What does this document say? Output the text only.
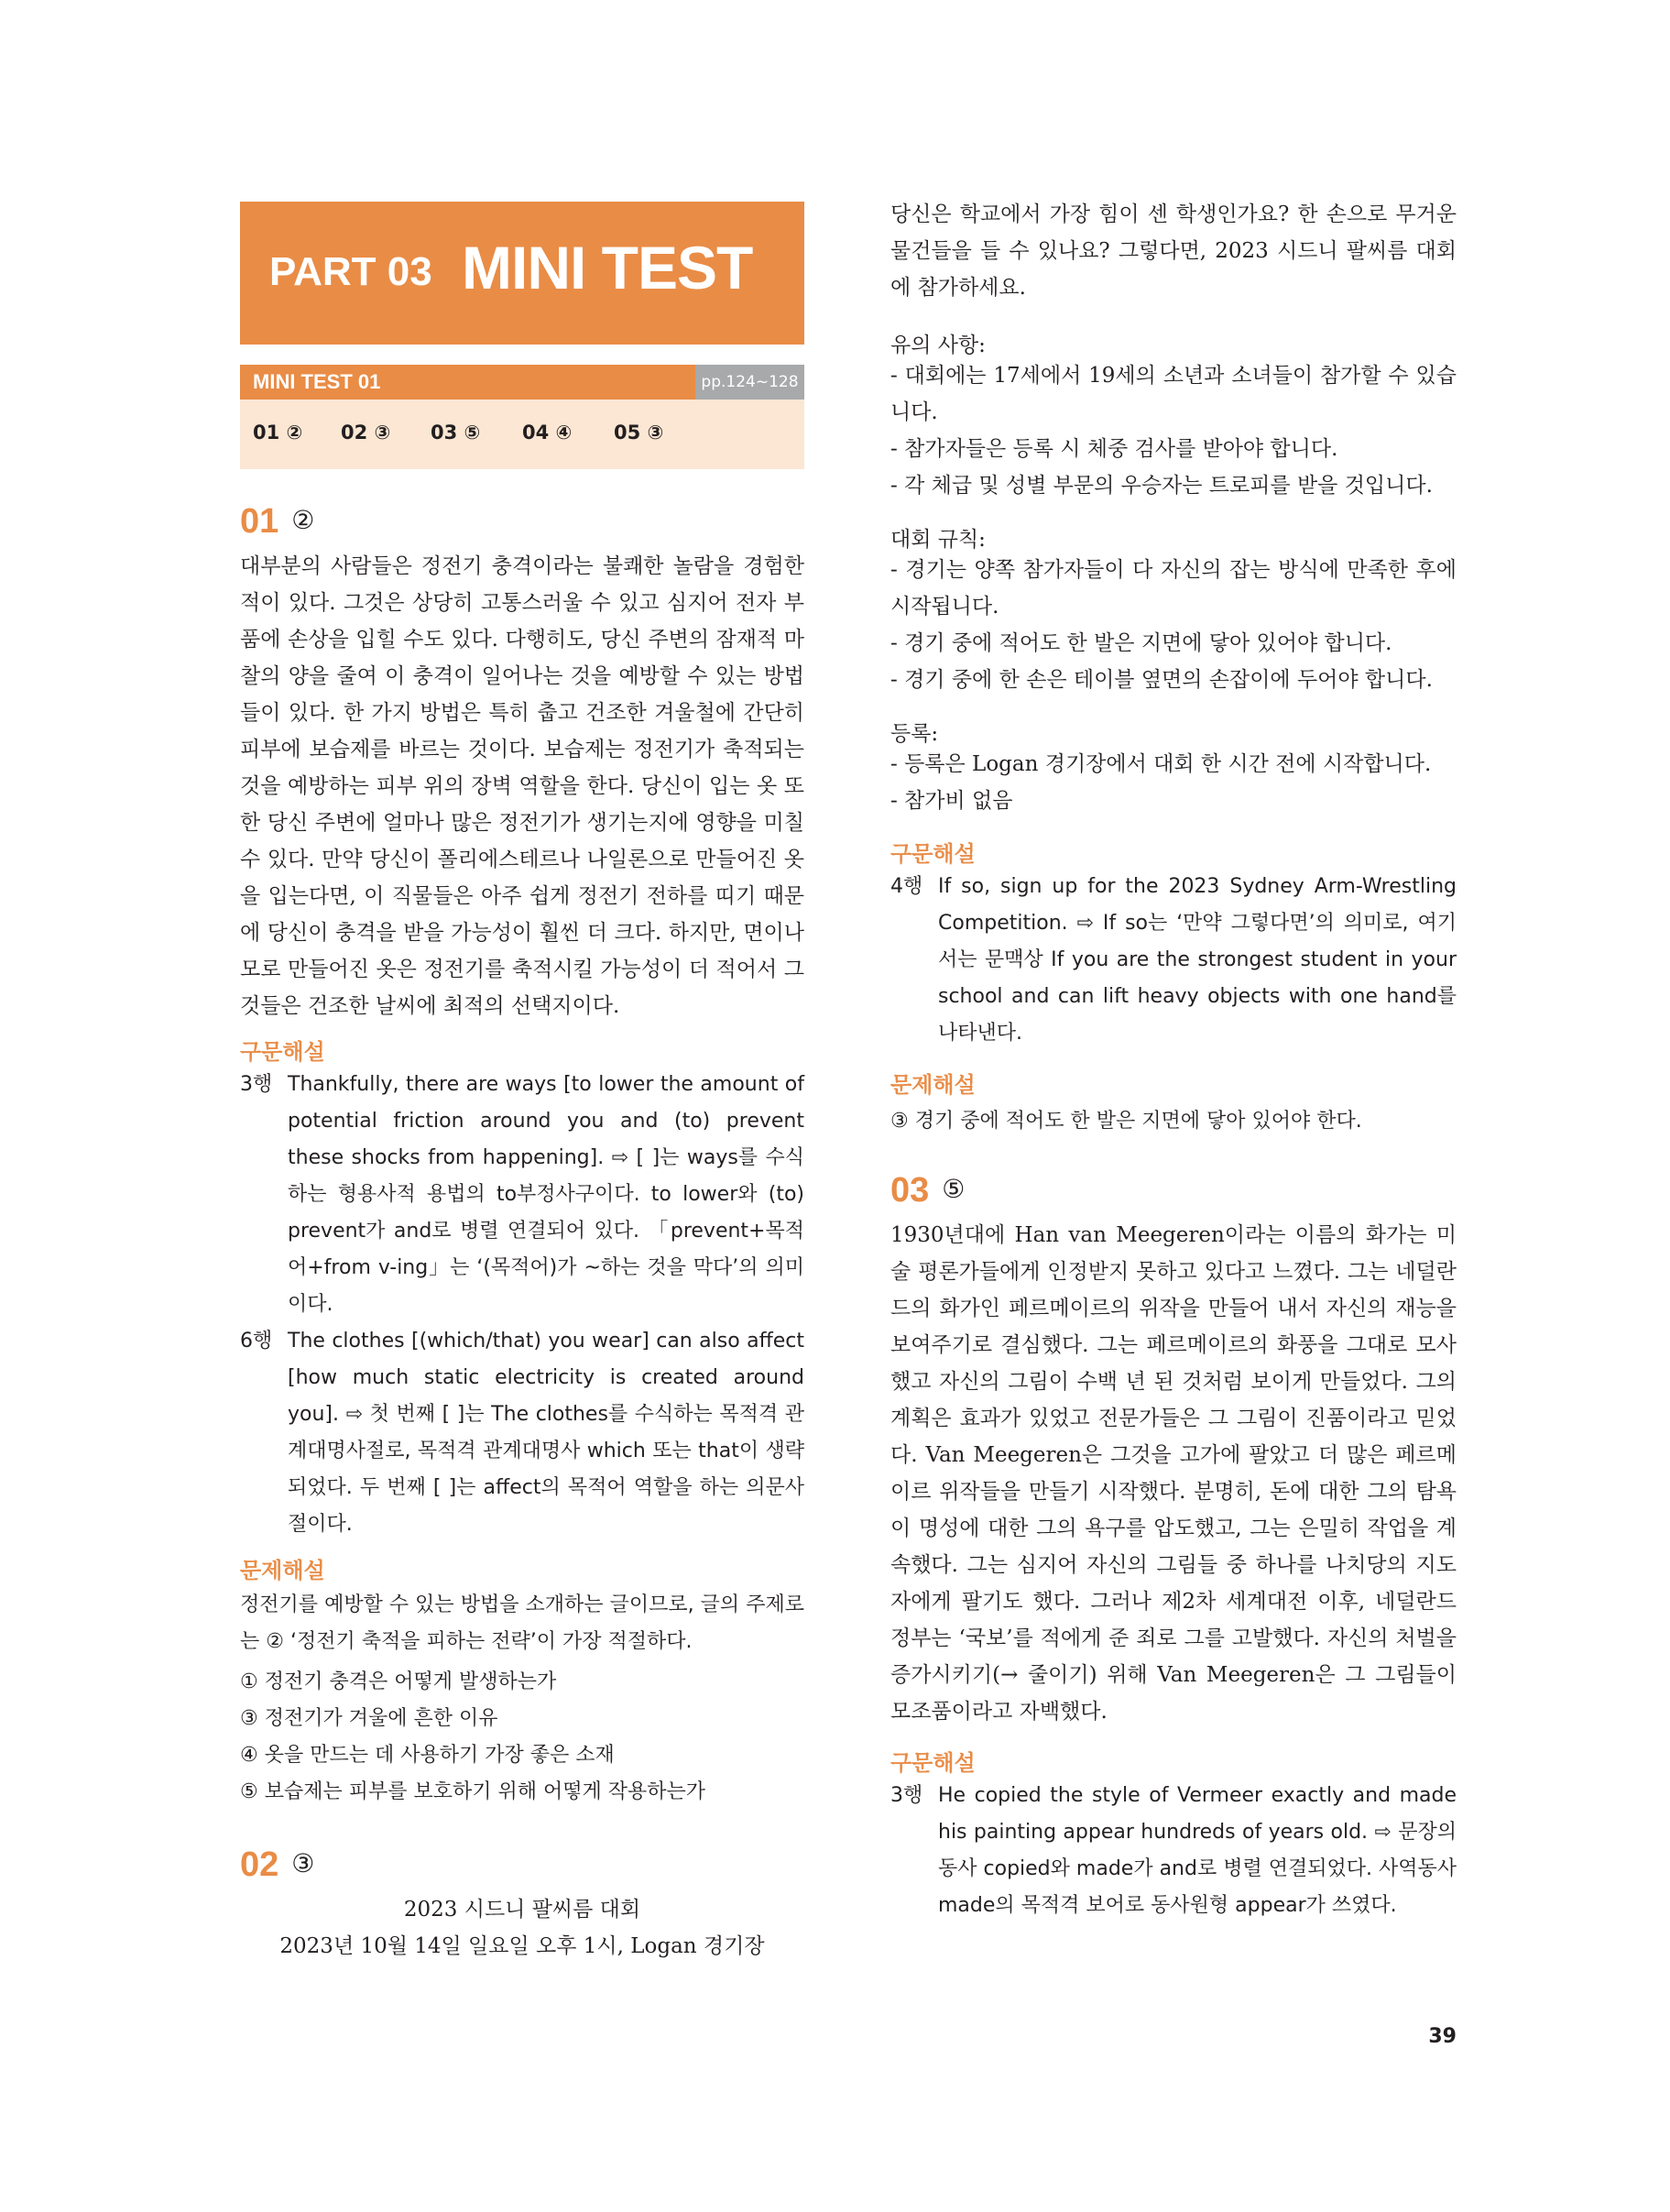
PART 03 MINI TEST
MINI TEST 01	pp.124~128
01 ② 02 ③ 03 ⑤ 04 ④ 05 ③
01 ②
대부분의 사람들은 정전기 충격이라는 불쾌한 놀람을 경험한 적이 있다. 그것은 상당히 고통스러울 수 있고 심지어 전자 부품에 손상을 입힐 수도 있다. 다행히도, 당신 주변의 잠재적 마찰의 양을 줄여 이 충격이 일어나는 것을 예방할 수 있는 방법들이 있다. 한 가지 방법은 특히 춥고 건조한 겨울철에 간단히 피부에 보습제를 바르는 것이다. 보습제는 정전기가 축적되는 것을 예방하는 피부 위의 장벽 역할을 한다. 당신이 입는 옷 또한 당신 주변에 얼마나 많은 정전기가 생기는지에 영향을 미칠 수 있다. 만약 당신이 폴리에스테르나 나일론으로 만들어진 옷을 입는다면, 이 직물들은 아주 쉽게 정전기 전하를 띠기 때문에 당신이 충격을 받을 가능성이 훨씬 더 크다. 하지만, 면이나 모로 만들어진 옷은 정전기를 축적시킬 가능성이 더 적어서 그것들은 건조한 날씨에 최적의 선택지이다.
구문해설
3행 Thankfully, there are ways [to lower the amount of potential friction around you and (to) prevent these shocks from happening]. ⇨ [ ]는 ways를 수식하는 형용사적 용법의 to부정사구이다. to lower와 (to) prevent가 and로 병렬 연결되어 있다. 「prevent+목적어+from v-ing」는 ‘(목적어)가 ~하는 것을 막다’의 의미이다.
6행 The clothes [(which/that) you wear] can also affect [how much static electricity is created around you]. ⇨ 첫 번째 [ ]는 The clothes를 수식하는 목적격 관계대명사절로, 목적격 관계대명사 which 또는 that이 생략되었다. 두 번째 [ ]는 affect의 목적어 역할을 하는 의문사절이다.
문제해설
정전기를 예방할 수 있는 방법을 소개하는 글이므로, 글의 주제로는 ② ‘정전기 축적을 피하는 전략’이 가장 적절하다.
① 정전기 충격은 어떻게 발생하는가
③ 정전기가 겨울에 흔한 이유
④ 옷을 만드는 데 사용하기 가장 좋은 소재
⑤ 보습제는 피부를 보호하기 위해 어떻게 작용하는가
02 ③
2023 시드니 팔씨름 대회
2023년 10월 14일 일요일 오후 1시, Logan 경기장
당신은 학교에서 가장 힘이 센 학생인가요? 한 손으로 무거운 물건들을 들 수 있나요? 그렇다면, 2023 시드니 팔씨름 대회에 참가하세요.
유의 사항:
- 대회에는 17세에서 19세의 소년과 소녀들이 참가할 수 있습니다.
- 참가자들은 등록 시 체중 검사를 받아야 합니다.
- 각 체급 및 성별 부문의 우승자는 트로피를 받을 것입니다.
대회 규칙:
- 경기는 양쪽 참가자들이 다 자신의 잡는 방식에 만족한 후에 시작됩니다.
- 경기 중에 적어도 한 발은 지면에 닿아 있어야 합니다.
- 경기 중에 한 손은 테이블 옆면의 손잡이에 두어야 합니다.
등록:
- 등록은 Logan 경기장에서 대회 한 시간 전에 시작합니다.
- 참가비 없음
구문해설
4행 If so, sign up for the 2023 Sydney Arm-Wrestling Competition. ⇨ If so는 ‘만약 그렇다면’의 의미로, 여기서는 문맥상 If you are the strongest student in your school and can lift heavy objects with one hand를 나타낸다.
문제해설
③ 경기 중에 적어도 한 발은 지면에 닿아 있어야 한다.
03 ⑤
1930년대에 Han van Meegeren이라는 이름의 화가는 미술 평론가들에게 인정받지 못하고 있다고 느꼈다. 그는 네덜란드의 화가인 페르메이르의 위작을 만들어 내서 자신의 재능을 보여주기로 결심했다. 그는 페르메이르의 화풍을 그대로 모사했고 자신의 그림이 수백 년 된 것처럼 보이게 만들었다. 그의 계획은 효과가 있었고 전문가들은 그 그림이 진품이라고 믿었다. Van Meegeren은 그것을 고가에 팔았고 더 많은 페르메이르 위작들을 만들기 시작했다. 분명히, 돈에 대한 그의 탐욕이 명성에 대한 그의 욕구를 압도했고, 그는 은밀히 작업을 계속했다. 그는 심지어 자신의 그림들 중 하나를 나치당의 지도자에게 팔기도 했다. 그러나 제2차 세계대전 이후, 네덜란드 정부는 ‘국보’를 적에게 준 죄로 그를 고발했다. 자신의 처벌을 증가시키기(→ 줄이기) 위해 Van Meegeren은 그 그림들이 모조품이라고 자백했다.
구문해설
3행 He copied the style of Vermeer exactly and made his painting appear hundreds of years old. ⇨ 문장의 동사 copied와 made가 and로 병렬 연결되었다. 사역동사 made의 목적격 보어로 동사원형 appear가 쓰였다.
39
